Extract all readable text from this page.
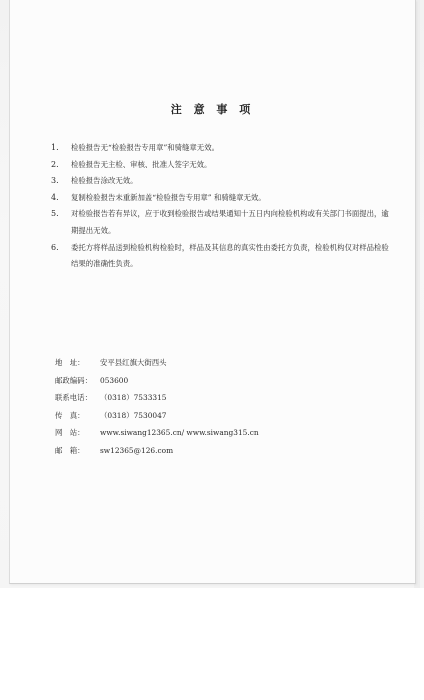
注 意 事 项
1. 检验报告无“检验报告专用章”和骑缝章无效。
2. 检验报告无主检、审核、批准人签字无效。
3. 检验报告涂改无效。
4. 复制检验报告未重新加盖“检验报告专用章” 和骑缝章无效。
5. 对检验报告若有异议，应于收到检验报告或结果通知十五日内向检验机构或有关部门书面提出，逾期提出无效。
6. 委托方将样品送到检验机构检验时，样品及其信息的真实性由委托方负责，检验机构仅对样品检验结果的准确性负责。
地　址：	安平县红旗大街西头
邮政编码：	053600
联系电话：	（0318）7533315
传　真：	（0318）7530047
网　站：	www.siwang12365.cn/ www.siwang315.cn
邮　箱：	sw12365@126.com
